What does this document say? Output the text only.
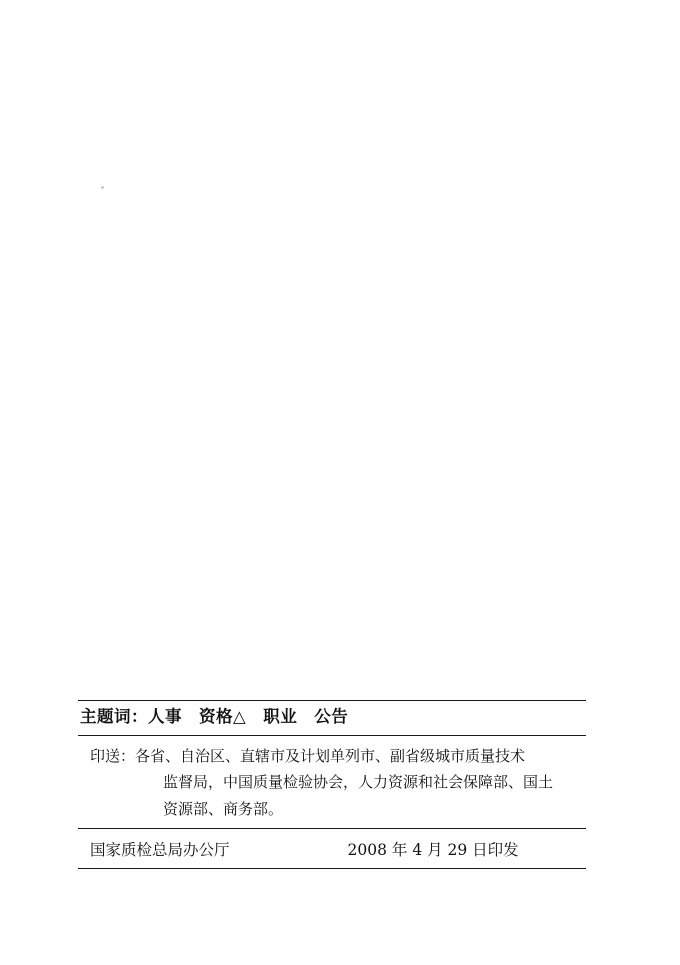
主题词： 人事　资格△　职业　公告
印送： 各省、自治区、直辖市及计划单列市、副省级城市质量技术
监督局，中国质量检验协会，人力资源和社会保障部、国土
资源部、商务部。
国家质检总局办公厅	2008 年 4 月 29 日印发
